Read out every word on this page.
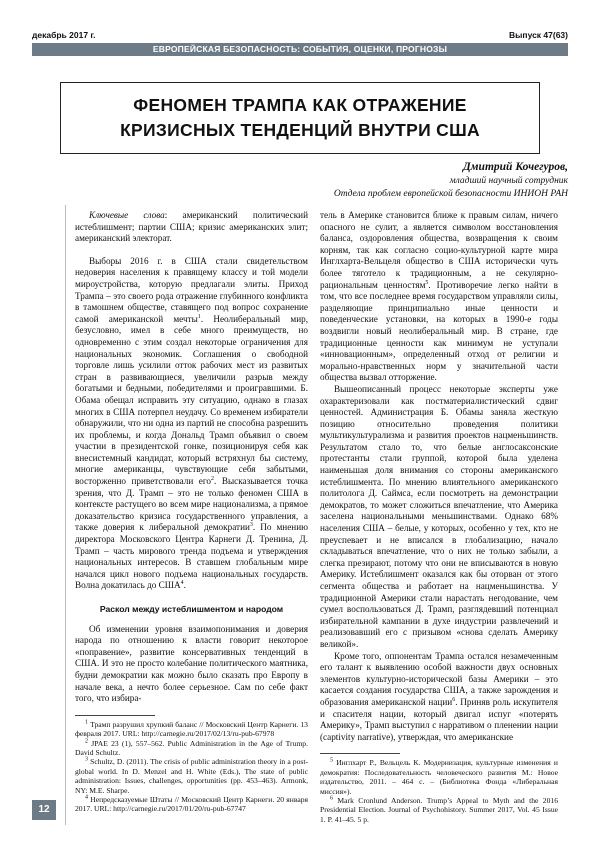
декабрь 2017 г.	Выпуск 47(63)
ЕВРОПЕЙСКАЯ БЕЗОПАСНОСТЬ: СОБЫТИЯ, ОЦЕНКИ, ПРОГНОЗЫ
ФЕНОМЕН ТРАМПА КАК ОТРАЖЕНИЕ
КРИЗИСНЫХ ТЕНДЕНЦИЙ ВНУТРИ США
Дмитрий Кочегуров,
младший научный сотрудник
Отдела проблем европейской безопасности ИНИОН РАН

Ключевые слова: американский политический истеблишмент; партии США; кризис американских элит; американский электорат.

Выборы 2016 г. в США стали свидетельством недоверия населения к правящему классу и той модели мироустройства, которую предлагали элиты. Приход Трампа – это своего рода отражение глубинного конфликта в тамошнем обществе, ставящего под вопрос сохранение самой американской мечты$^1$. Неолиберальный мир, безусловно, имел в себе много преимуществ, но одновременно с этим создал некоторые ограничения для национальных экономик. Соглашения о свободной торговле лишь усилили отток рабочих мест из развитых стран в развивающиеся, увеличили разрыв между богатыми и бедными, победителями и проигравшими. Б. Обама обещал исправить эту ситуацию, однако в глазах многих в США потерпел неудачу. Со временем избиратели обнаружили, что ни одна из партий не способна разрешить их проблемы, и когда Дональд Трамп объявил о своем участии в президентской гонке, позиционируя себя как внесистемный кандидат, который встряхнул бы систему, многие американцы, чувствующие себя забытыми, восторженно приветствовали его$^2$. Высказывается точка зрения, что Д. Трамп – это не только феномен США в контексте растущего во всем мире национализма, а прямое доказательство кризиса государственного управления, а также доверия к либеральной демократии$^3$. По мнению директора Московского Центра Карнеги Д. Тренина, Д. Трамп – часть мирового тренда подъема и утверждения национальных интересов. В ставшем глобальным мире начался цикл нового подъема национальных государств. Волна докатилась до США$^4$.

Раскол между истеблишментом и народом

Об изменении уровня взаимопонимания и доверия народа по отношению к власти говорит некоторое «поправение», развитие консервативных тенденций в США. И это не просто колебание политического маятника, будни демократии как можно было сказать про Европу в начале века, а нечто более серьезное. Сам по себе факт того, что избира-

$^1$ Трамп разрушил хрупкий баланс // Московский Центр Карнеги. 13 февраля 2017. URL: http://carnegie.ru/2017/02/13/ru-pub-67978
$^2$ JPAE 23 (1), 557–562. Public Administration in the Age of Trump. David Schultz.
$^3$ Schultz, D. (2011). The crisis of public administration theory in a post-global world. In D. Menzel and H. White (Eds.), The state of public administration: Issues, challenges, opportunities (pp. 453–463). Armonk, NY: M.E. Sharpe.
$^4$ Непредсказуемые Штаты // Московский Центр Карнеги. 20 января 2017. URL: http://carnegie.ru/2017/01/20/ru-pub-67747

тель в Америке становится ближе к правым силам, ничего опасного не сулит, а является символом восстановления баланса, оздоровления общества, возвращения к своим корням, так как согласно социо-культурной карте мира Инглхарта-Вельцеля общество в США исторически чуть более тяготело к традиционным, а не секулярно-рациональным ценностям$^5$. Противоречие легко найти в том, что все последнее время государством управляли силы, разделяющие принципиально иные ценности и поведенческие установки, на которых в 1990-е годы воздвигли новый неолиберальный мир. В стране, где традиционные ценности как минимум не уступали «инновационным», определенный отход от религии и морально-нравственных норм у значительной части общества вызвал отторжение.

Вышеописанный процесс некоторые эксперты уже охарактеризовали как постматериалистический сдвиг ценностей. Администрация Б. Обамы заняла жесткую позицию относительно проведения политики мультикультурализма и развития проектов нацменьшинств. Результатом стало то, что белые англосаксонские протестанты стали группой, которой была уделена наименьшая доля внимания со стороны американского истеблишмента. По мнению влиятельного американского политолога Д. Саймса, если посмотреть на демонстрации демократов, то может сложиться впечатление, что Америка заселена национальными меньшинствами. Однако 68% населения США – белые, у которых, особенно у тех, кто не преуспевает и не вписался в глобализацию, начало складываться впечатление, что о них не только забыли, а слегка презирают, потому что они не вписываются в новую Америку. Истеблишмент оказался как бы оторван от этого сегмента общества и работает на нацменьшинства. У традиционной Америки стали нарастать негодование, чем сумел воспользоваться Д. Трамп, разглядевший потенциал избирательной кампании в духе индустрии развлечений и реализовавший его с призывом «снова сделать Америку великой».

Кроме того, оппонентам Трампа остался незамеченным его талант к выявлению особой важности двух основных элементов культурно-исторической базы Америки – это касается создания государства США, а также зарождения и образования американской нации$^6$. Приняв роль искупителя и спасителя нации, который двигал испуг «потерять Америку», Трамп выступил с нарративом о пленении нации (captivity narrative), утверждая, что американские

$^5$ Инглхарт Р., Вельцель К. Модернизация, культурные изменения и демократия: Последовательность человеческого развития М.: Новое издательство, 2011. – 464 с. – (Библиотека Фонда «Либеральная миссия»).
$^6$ Mark Cronlund Anderson. Trump’s Appeal to Myth and the 2016 Presidential Election. Journal of Psychohistory. Summer 2017, Vol. 45 Issue 1. P. 41–45. 5 p.
12
